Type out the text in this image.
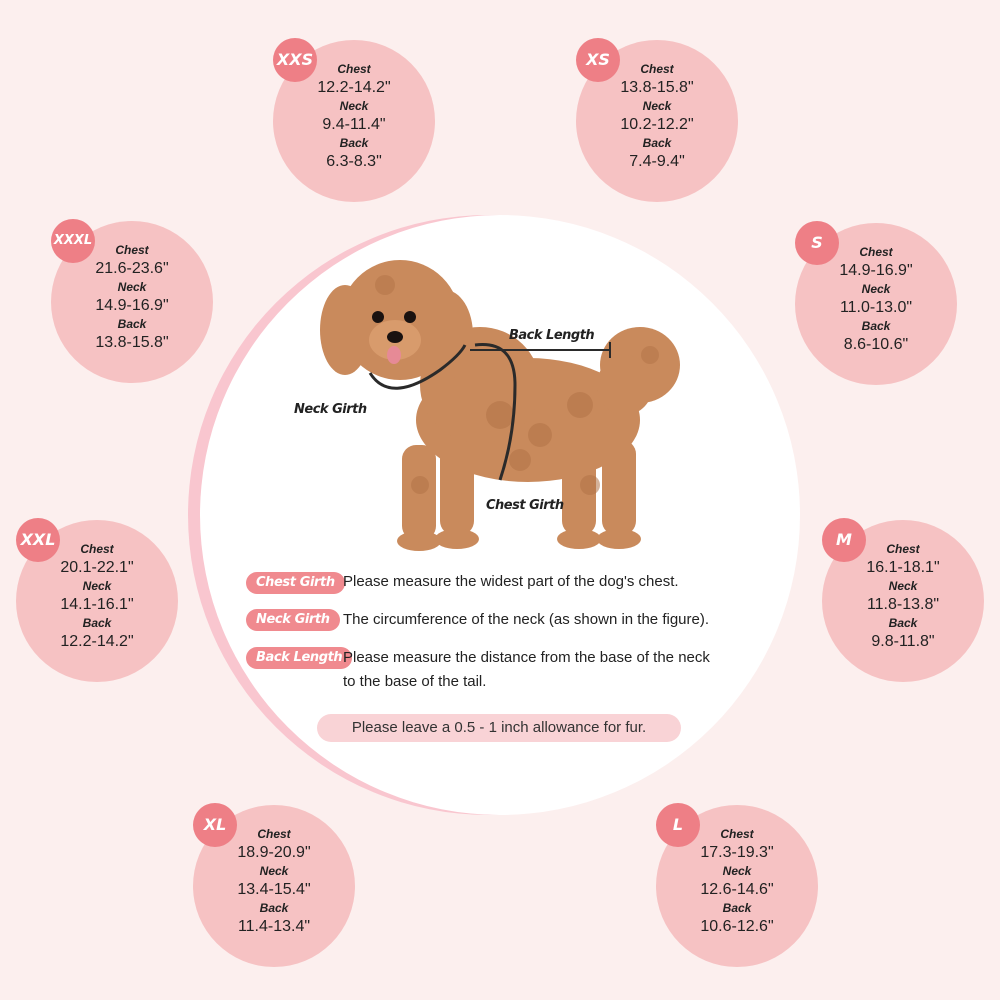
Chest
12.2-14.2"
Neck
9.4-11.4"
Back
6.3-8.3"
XXS	Chest
13.8-15.8"
Neck
10.2-12.2"
Back
7.4-9.4"
XS
Chest
14.9-16.9"
Neck
11.0-13.0"
Back
8.6-10.6"
S
Chest
16.1-18.1"
Neck
11.8-13.8"
Back
9.8-11.8"
M
Chest
17.3-19.3"
Neck
12.6-14.6"
Back
10.6-12.6"
L
Chest
18.9-20.9"
Neck
13.4-15.4"
Back
11.4-13.4"
XL
Chest
20.1-22.1"
Neck
14.1-16.1"
Back
12.2-14.2"
XXL
Chest
21.6-23.6"
Neck
14.9-16.9"
Back
13.8-15.8"
XXXL
Back Length
Neck Girth
Chest Girth
Chest Girth Please measure the widest part of the dog's chest.
Neck Girth The circumference of the neck (as shown in the figure).
Back Length Please measure the distance from the base of the neck
to the base of the tail.
Please leave a 0.5 - 1 inch allowance for fur.
